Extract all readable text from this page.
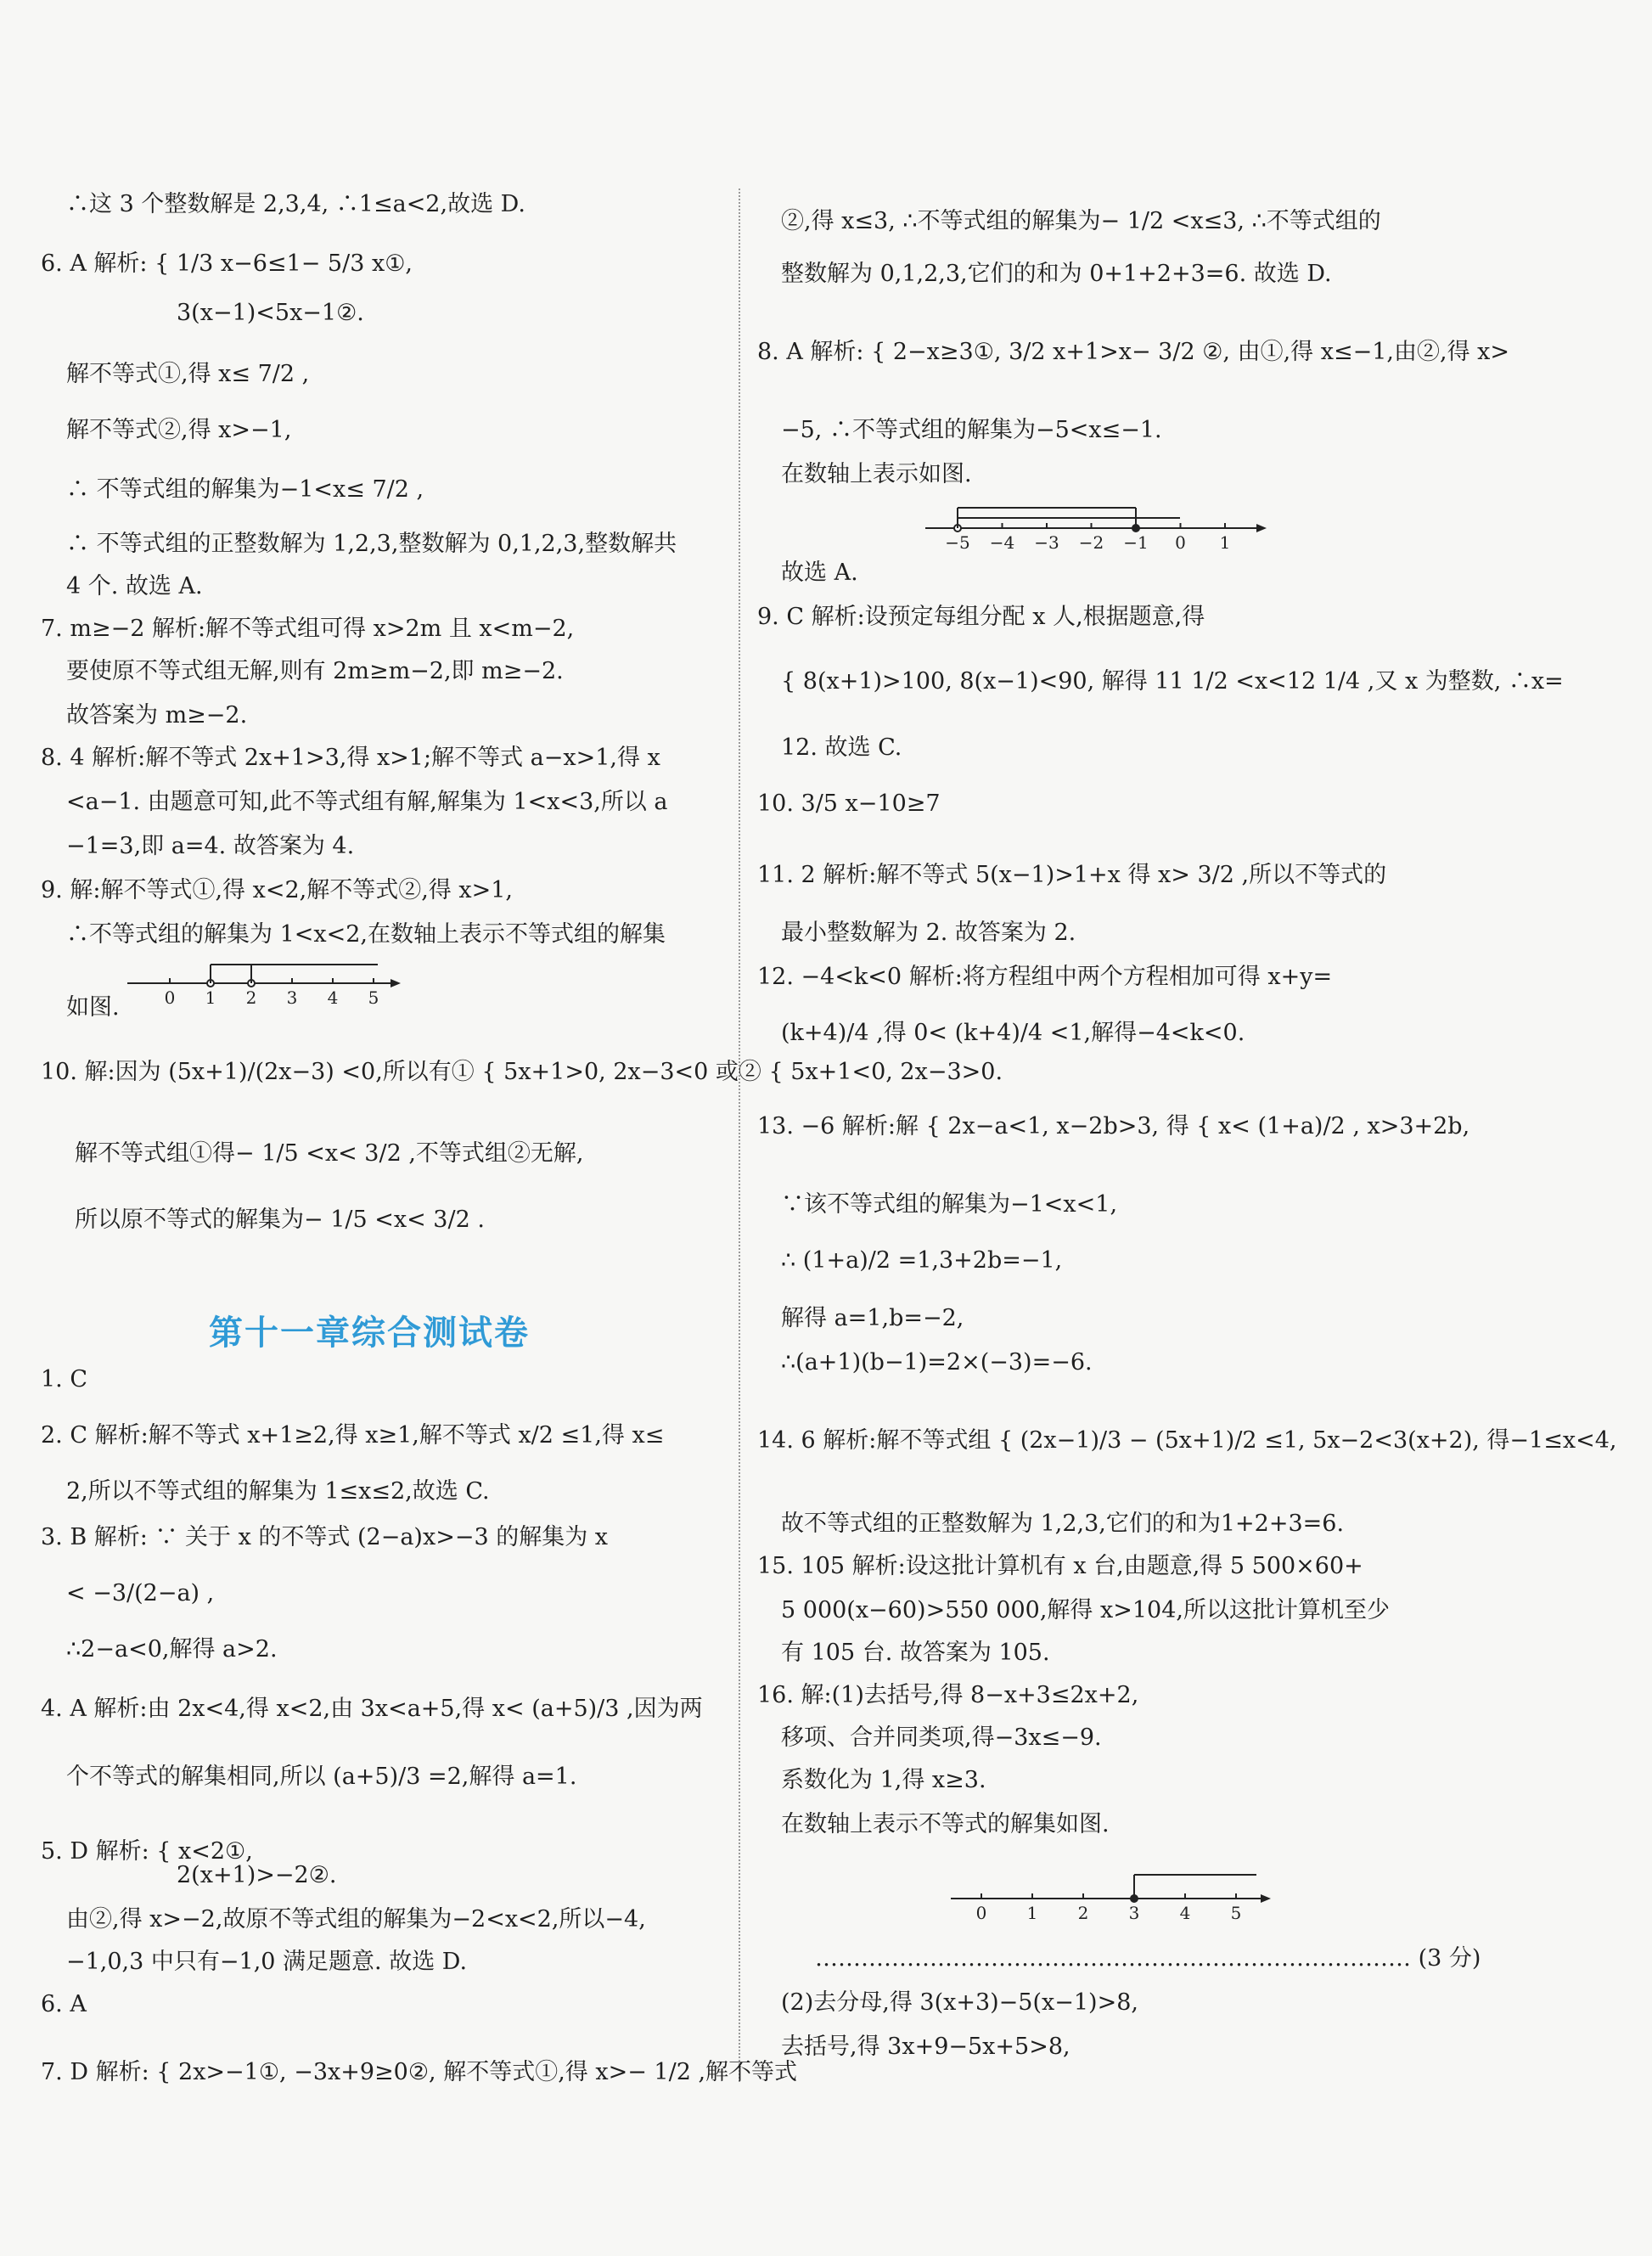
∴这 3 个整数解是 2,3,4, ∴1≤a<2,故选 D.
6. A 解析: { 1/3 x−6≤1− 5/3 x①,
3(x−1)<5x−1②.
解不等式①,得 x≤ 7/2 ,
解不等式②,得 x>−1,
∴ 不等式组的解集为−1<x≤ 7/2 ,
∴ 不等式组的正整数解为 1,2,3,整数解为 0,1,2,3,整数解共
4 个. 故选 A.
7. m≥−2 解析:解不等式组可得 x>2m 且 x<m−2,
要使原不等式组无解,则有 2m≥m−2,即 m≥−2.
故答案为 m≥−2.
8. 4 解析:解不等式 2x+1>3,得 x>1;解不等式 a−x>1,得 x
<a−1. 由题意可知,此不等式组有解,解集为 1<x<3,所以 a
−1=3,即 a=4. 故答案为 4.
9. 解:解不等式①,得 x<2,解不等式②,得 x>1,
∴不等式组的解集为 1<x<2,在数轴上表示不等式组的解集
0 1 2 3 4 5
如图.
10. 解:因为 (5x+1)/(2x−3) <0,所以有① { 5x+1>0, 2x−3<0 或② { 5x+1<0, 2x−3>0.
解不等式组①得− 1/5 <x< 3/2 ,不等式组②无解,
所以原不等式的解集为− 1/5 <x< 3/2 .
第十一章综合测试卷
1. C
2. C 解析:解不等式 x+1≥2,得 x≥1,解不等式 x/2 ≤1,得 x≤
2,所以不等式组的解集为 1≤x≤2,故选 C.
3. B 解析: ∵ 关于 x 的不等式 (2−a)x>−3 的解集为 x
< −3/(2−a) ,
∴2−a<0,解得 a>2.
4. A 解析:由 2x<4,得 x<2,由 3x<a+5,得 x< (a+5)/3 ,因为两
个不等式的解集相同,所以 (a+5)/3 =2,解得 a=1.
5. D 解析: { x<2①,
2(x+1)>−2②.
由②,得 x>−2,故原不等式组的解集为−2<x<2,所以−4,
−1,0,3 中只有−1,0 满足题意. 故选 D.
6. A
7. D 解析: { 2x>−1①, −3x+9≥0②, 解不等式①,得 x>− 1/2 ,解不等式
②,得 x≤3, ∴不等式组的解集为− 1/2 <x≤3, ∴不等式组的
整数解为 0,1,2,3,它们的和为 0+1+2+3=6. 故选 D.
8. A 解析: { 2−x≥3①, 3/2 x+1>x− 3/2 ②, 由①,得 x≤−1,由②,得 x>
−5, ∴不等式组的解集为−5<x≤−1.
在数轴上表示如图.
−5 −4 −3 −2 −1 0 1
故选 A.
9. C 解析:设预定每组分配 x 人,根据题意,得
{ 8(x+1)>100, 8(x−1)<90, 解得 11 1/2 <x<12 1/4 ,又 x 为整数, ∴x=
12. 故选 C.
10. 3/5 x−10≥7
11. 2 解析:解不等式 5(x−1)>1+x 得 x> 3/2 ,所以不等式的
最小整数解为 2. 故答案为 2.
12. −4<k<0 解析:将方程组中两个方程相加可得 x+y=
(k+4)/4 ,得 0< (k+4)/4 <1,解得−4<k<0.
13. −6 解析:解 { 2x−a<1, x−2b>3, 得 { x< (1+a)/2 , x>3+2b,
∵该不等式组的解集为−1<x<1,
∴ (1+a)/2 =1,3+2b=−1,
解得 a=1,b=−2,
∴(a+1)(b−1)=2×(−3)=−6.
14. 6 解析:解不等式组 { (2x−1)/3 − (5x+1)/2 ≤1, 5x−2<3(x+2), 得−1≤x<4,
故不等式组的正整数解为 1,2,3,它们的和为1+2+3=6.
15. 105 解析:设这批计算机有 x 台,由题意,得 5 500×60+
5 000(x−60)>550 000,解得 x>104,所以这批计算机至少
有 105 台. 故答案为 105.
16. 解:(1)去括号,得 8−x+3≤2x+2,
移项、合并同类项,得−3x≤−9.
系数化为 1,得 x≥3.
在数轴上表示不等式的解集如图.
0 1 2 3 4 5
…………………………………………………………………… (3 分)
(2)去分母,得 3(x+3)−5(x−1)>8,
去括号,得 3x+9−5x+5>8,
